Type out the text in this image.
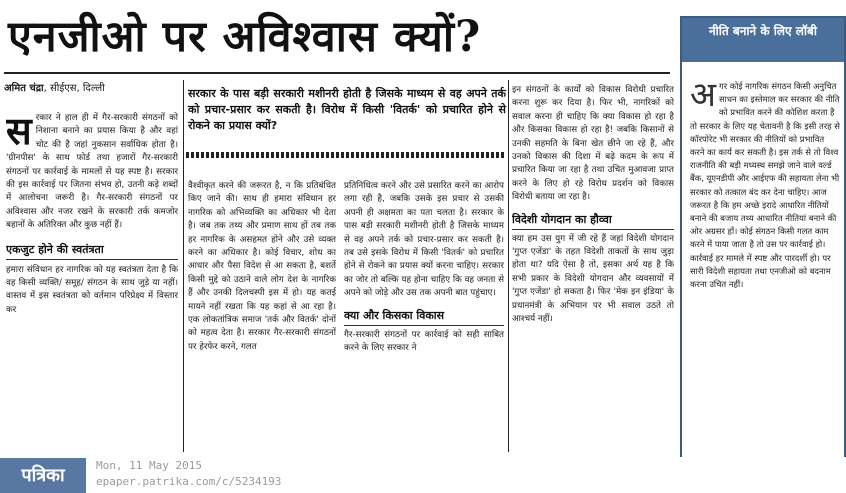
एनजीओ पर अविश्वास क्यों?
अमित चंद्रा, सीईएस, दिल्ली	सरकार के पास बड़ी सरकारी मशीनरी होती है जिसके माध्यम से वह अपने तर्क को प्रचार-प्रसार कर सकती है। विरोध में किसी 'वितर्क' को प्रचारित होने से रोकने का प्रयास क्यों?
स रकार ने हाल ही में गैर-सरकारी संगठनों को निशाना बनाने का प्रयास किया है और वहां चोट की है जहां नुकसान सर्वाधिक होता है। 'ग्रीनपीस' के साथ फोर्ड तथा हजारों गैर-सरकारी संगठनों पर कार्रवाई के मामलों से यह स्पष्ट है। सरकार की इस कार्रवाई पर जितना संभव हो, उतनी कड़े शब्दों में आलोचना जरूरी है। गैर-सरकारी संगठनों पर अविश्वास और नजर रखने के सरकारी तर्क कमजोर बहानों के अतिरिक्त और कुछ नहीं हैं।

एकजुट होने की स्वतंत्रता

हमारा संविधान हर नागरिक को यह स्वतंत्रता देता है कि वह किसी व्यक्ति/ समूह/ संगठन के साथ जुड़े या नहीं। वास्तव में इस स्वतंत्रता को वर्तमान परिप्रेक्ष्य में विस्तार कर

वैश्वीकृत करने की जरूरत है, न कि प्रतिबंधित किए जाने की। साथ ही हमारा संविधान हर नागरिक को अभिव्यक्ति का अधिकार भी देता है। जब तक तथ्य और प्रमाण साथ हों तब तक हर नागरिक के असहमत होने और उसे व्यक्त करने का अधिकार है। कोई विचार, शोध का आधार और पैसा विदेश से आ सकता है, बशर्ते किसी मुद्दे को उठाने वाले लोग देश के नागरिक हैं और उनकी दिलचस्पी इस में हो। यह कतई मायने नहीं रखता कि यह कहां से आ रहा है। एक लोकतांत्रिक समाज 'तर्क और वितर्क' दोनों को महत्व देता है। सरकार गैर-सरकारी संगठनों पर हेरफेर करने, गलत

प्रतिनिधित्व करने और उसे प्रसारित करने का आरोप लगा रही है, जबकि उसके इस प्रचार से उसकी अपनी ही अक्षमता का पता चलता है। सरकार के पास बड़ी सरकारी मशीनरी होती है जिसके माध्यम से वह अपने तर्क को प्रचार-प्रसार कर सकती है। तब उसे इसके विरोध में किसी 'वितर्क' को प्रचारित होने से रोकने का प्रयास क्यों करना चाहिए। सरकार का जोर तो बल्कि यह होना चाहिए कि वह जनता से अपने को जोड़े और उस तक अपनी बात पहुंचाए।

क्या और किसका विकास

गैर-सरकारी संगठनों पर कार्रवाई को सही साबित करने के लिए सरकार ने

इन संगठनों के कार्यों को विकास विरोधी प्रचारित करना शुरू कर दिया है। फिर भी, नागरिकों को सवाल करना ही चाहिए कि क्या विकास हो रहा है और किसका विकास हो रहा है! जबकि किसानों से उनकी सहमति के बिना खेत छीने जा रहे हैं, और उनको विकास की दिशा में बढ़े कदम के रूप में प्रचारित किया जा रहा है तथा उचित मुआवजा प्राप्त करने के लिए हो रहे विरोध प्रदर्शन को विकास विरोधी बताया जा रहा है।

विदेशी योगदान का हौव्वा

क्या हम उस युग में जी रहे हैं जहां विदेशी योगदान 'गुप्त एजेंडा' के तहत विदेशी ताकतों के साथ जुड़ा होता था? यदि ऐसा है तो, इसका अर्थ यह है कि सभी प्रकार के विदेशी योगदान और व्यवसायों में 'गुप्त एजेंडा' हो सकता है। फिर 'मेक इन इंडिया' के प्रधानमंत्री के अभियान पर भी सवाल उठते तो आश्चर्य नहीं।

नीति बनाने के लिए लॉबी
अ गर कोई नागरिक संगठन किसी अनुचित साधन का इस्तेमाल कर सरकार की नीति को प्रभावित करने की कोशिश करता है तो सरकार के लिए यह चेतावनी है कि इसी तरह से कॉरपोरेट भी सरकार की नीतियों को प्रभावित करने का कार्य कर सकती है। इस तर्क से तो विश्व राजनीति की बड़ी मध्यस्थ समझे जाने वाले वर्ल्ड बैंक, यूएनडीपी और आईएफ की सहायता लेना भी सरकार को तत्काल बंद कर देना चाहिए। आज जरूरत है कि हम अच्छे इरादे आधारित नीतियों बनाने की बजाय तथ्य आधारित नीतियां बनाने की ओर अग्रसर हों। कोई संगठन किसी गलत काम करने में पाया जाता है तो उस पर कार्रवाई हो। कार्रवाई हर मामले में स्पष्ट और पारदर्शी हो। पर सारी विदेशी सहायता तथा एनजीओ को बदनाम करना उचित नहीं।
पत्रिका	Mon, 11 May 2015
epaper.patrika.com/c/5234193
